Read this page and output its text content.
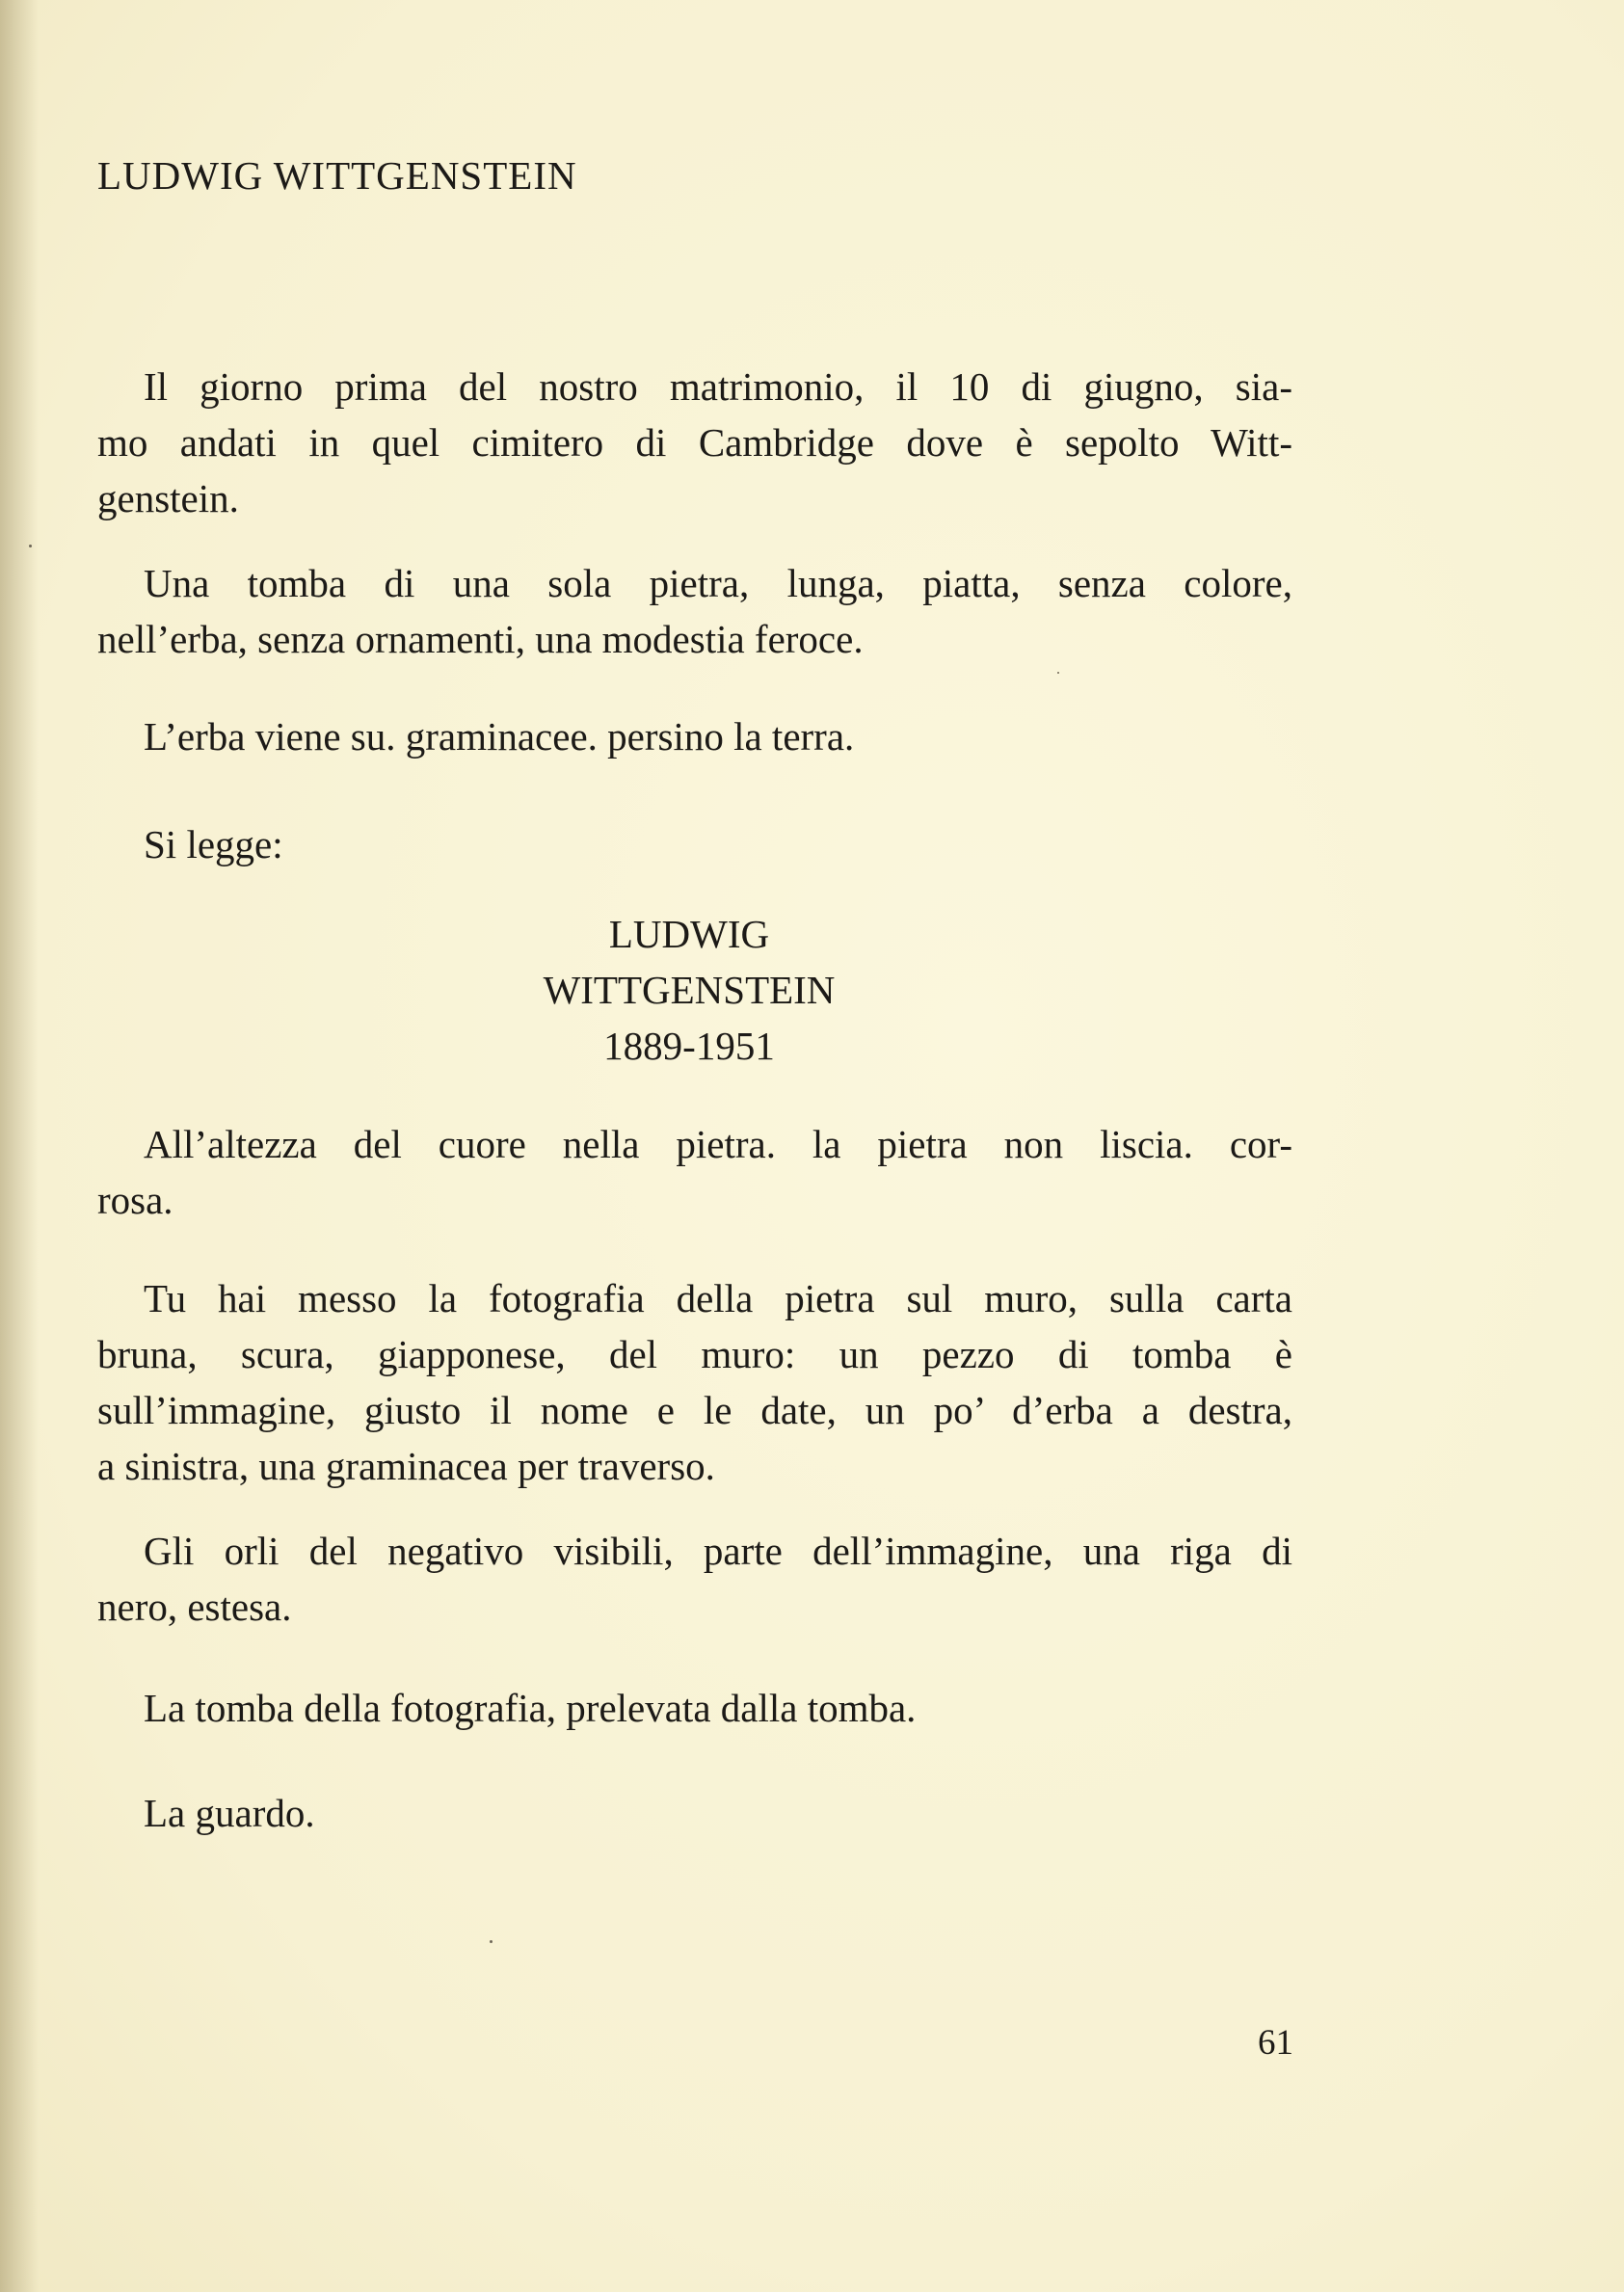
LUDWIG WITTGENSTEIN

Il giorno prima del nostro matrimonio, il 10 di giugno, sia-
mo andati in quel cimitero di Cambridge dove è sepolto Witt-
genstein.

Una tomba di una sola pietra, lunga, piatta, senza colore,
nell’erba, senza ornamenti, una modestia feroce.

L’erba viene su. graminacee. persino la terra.

Si legge:

LUDWIG
WITTGENSTEIN
1889-1951

All’altezza del cuore nella pietra. la pietra non liscia. cor-
rosa.

Tu hai messo la fotografia della pietra sul muro, sulla carta
bruna, scura, giapponese, del muro: un pezzo di tomba è
sull’immagine, giusto il nome e le date, un po’ d’erba a destra,
a sinistra, una graminacea per traverso.

Gli orli del negativo visibili, parte dell’immagine, una riga di
nero, estesa.

La tomba della fotografia, prelevata dalla tomba.

La guardo.

61
